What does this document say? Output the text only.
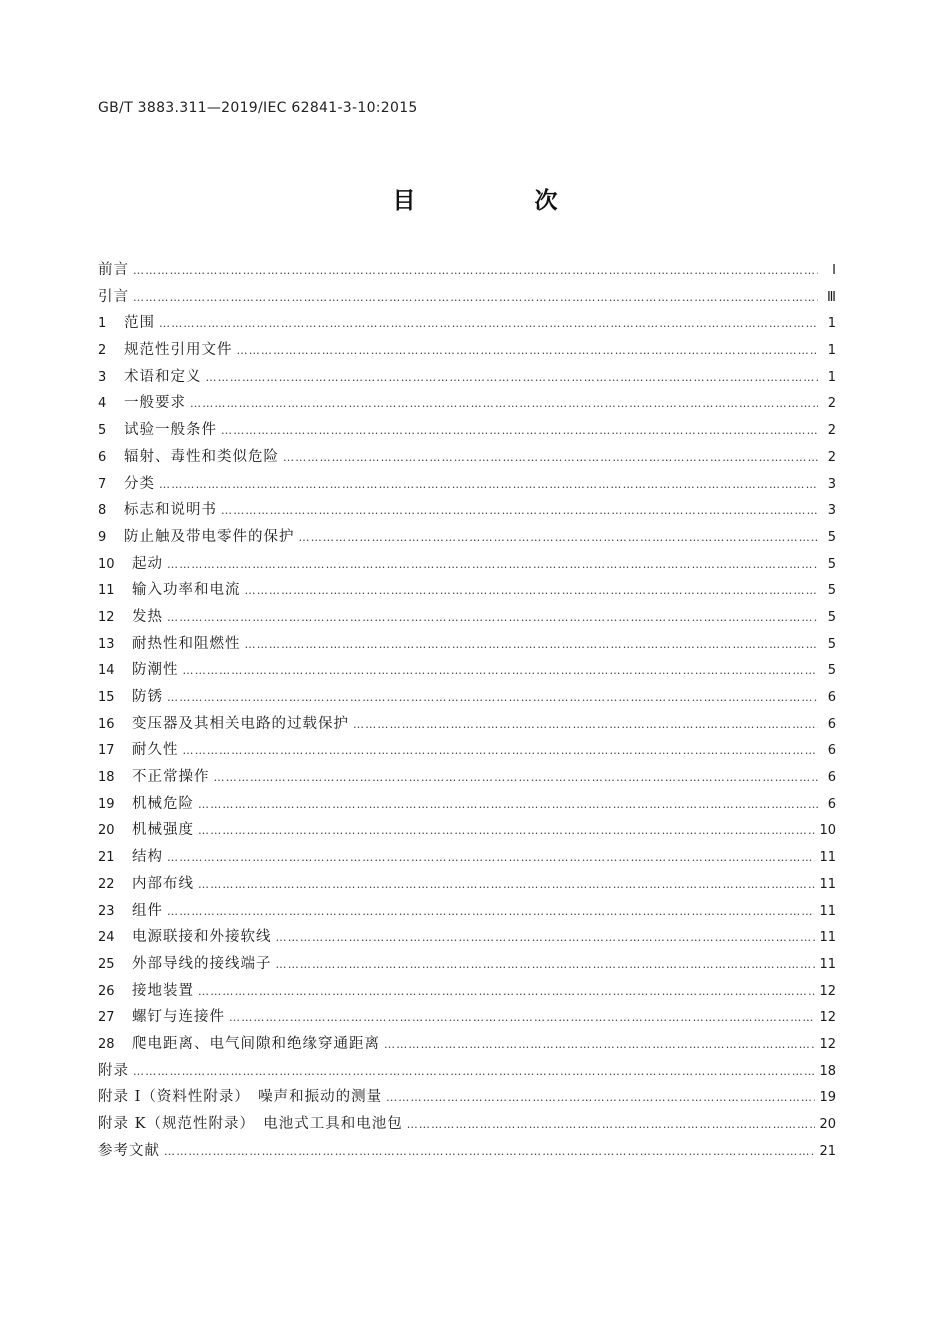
GB/T 3883.311—2019/IEC 62841-3-10:2015
目　次
前言 ……………………………………………………………………………………………………………………………………………………………………………………………………………………………………………………	Ⅰ
引言 ……………………………………………………………………………………………………………………………………………………………………………………………………………………………………………………	Ⅲ
1	范围 ……………………………………………………………………………………………………………………………………………………………………………………………………………………………………………………	1
2	规范性引用文件 ……………………………………………………………………………………………………………………………………………………………………………………………………………………………………………………	1
3	术语和定义 ……………………………………………………………………………………………………………………………………………………………………………………………………………………………………………………	1
4	一般要求 ……………………………………………………………………………………………………………………………………………………………………………………………………………………………………………………	2
5	试验一般条件 ……………………………………………………………………………………………………………………………………………………………………………………………………………………………………………………	2
6	辐射、毒性和类似危险 ……………………………………………………………………………………………………………………………………………………………………………………………………………………………………………………	2
7	分类 ……………………………………………………………………………………………………………………………………………………………………………………………………………………………………………………	3
8	标志和说明书 ……………………………………………………………………………………………………………………………………………………………………………………………………………………………………………………	3
9	防止触及带电零件的保护 ……………………………………………………………………………………………………………………………………………………………………………………………………………………………………………………	5
10	起动 ……………………………………………………………………………………………………………………………………………………………………………………………………………………………………………………	5
11	输入功率和电流 ……………………………………………………………………………………………………………………………………………………………………………………………………………………………………………………	5
12	发热 ……………………………………………………………………………………………………………………………………………………………………………………………………………………………………………………	5
13	耐热性和阻燃性 ……………………………………………………………………………………………………………………………………………………………………………………………………………………………………………………	5
14	防潮性 ……………………………………………………………………………………………………………………………………………………………………………………………………………………………………………………	5
15	防锈 ……………………………………………………………………………………………………………………………………………………………………………………………………………………………………………………	6
16	变压器及其相关电路的过载保护 ……………………………………………………………………………………………………………………………………………………………………………………………………………………………………………………	6
17	耐久性 ……………………………………………………………………………………………………………………………………………………………………………………………………………………………………………………	6
18	不正常操作 ……………………………………………………………………………………………………………………………………………………………………………………………………………………………………………………	6
19	机械危险 ……………………………………………………………………………………………………………………………………………………………………………………………………………………………………………………	6
20	机械强度 ……………………………………………………………………………………………………………………………………………………………………………………………………………………………………………………	10
21	结构 ……………………………………………………………………………………………………………………………………………………………………………………………………………………………………………………	11
22	内部布线 ……………………………………………………………………………………………………………………………………………………………………………………………………………………………………………………	11
23	组件 ……………………………………………………………………………………………………………………………………………………………………………………………………………………………………………………	11
24	电源联接和外接软线 ……………………………………………………………………………………………………………………………………………………………………………………………………………………………………………………	11
25	外部导线的接线端子 ……………………………………………………………………………………………………………………………………………………………………………………………………………………………………………………	11
26	接地装置 ……………………………………………………………………………………………………………………………………………………………………………………………………………………………………………………	12
27	螺钉与连接件 ……………………………………………………………………………………………………………………………………………………………………………………………………………………………………………………	12
28	爬电距离、电气间隙和绝缘穿通距离 ……………………………………………………………………………………………………………………………………………………………………………………………………………………………………………………	12
附录 ……………………………………………………………………………………………………………………………………………………………………………………………………………………………………………………	18
附录 I（资料性附录）　噪声和振动的测量 ……………………………………………………………………………………………………………………………………………………………………………………………………………………………………………………	19
附录 K（规范性附录）　电池式工具和电池包 ……………………………………………………………………………………………………………………………………………………………………………………………………………………………………………………	20
参考文献 ……………………………………………………………………………………………………………………………………………………………………………………………………………………………………………………	21
